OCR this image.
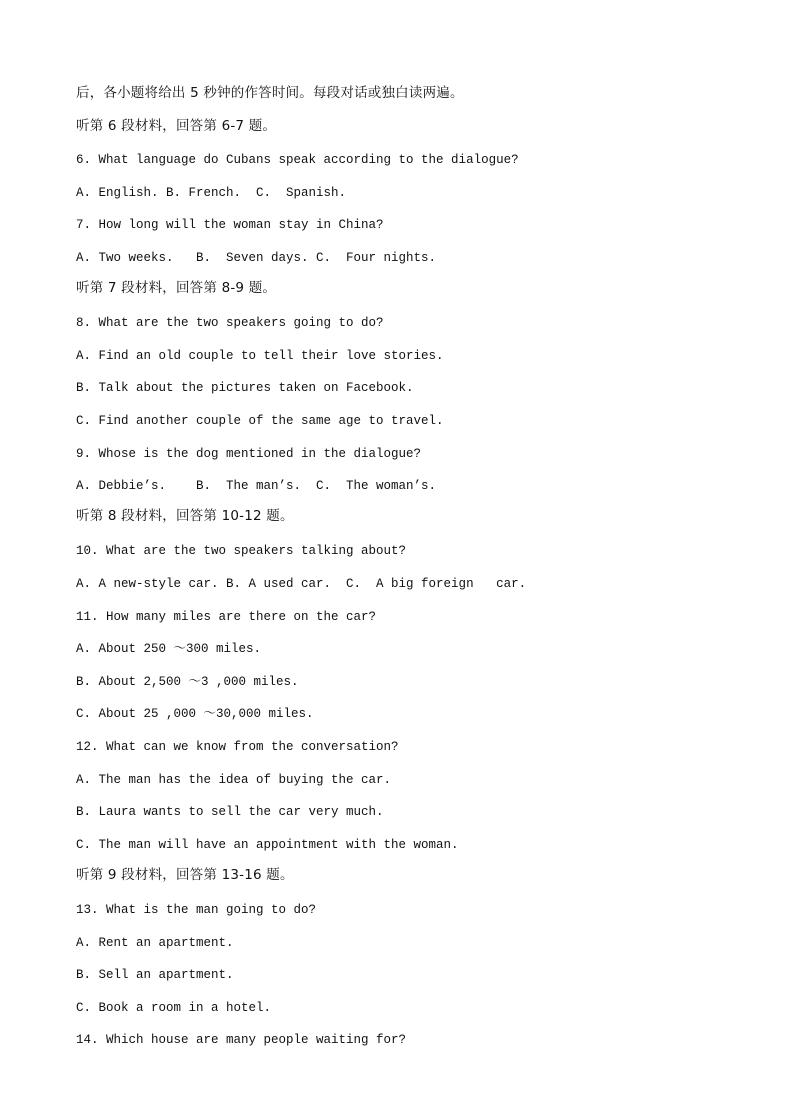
后，各小题将给出 5 秒钟的作答时间。每段对话或独白读两遍。
听第 6 段材料，回答第 6-7 题。
6. What language do Cubans speak according to the dialogue?
A. English. B. French.  C.  Spanish.
7. How long will the woman stay in China?
A. Two weeks.   B.  Seven days. C.  Four nights.
听第 7 段材料，回答第 8-9 题。
8. What are the two speakers going to do?
A. Find an old couple to tell their love stories.
B. Talk about the pictures taken on Facebook.
C. Find another couple of the same age to travel.
9. Whose is the dog mentioned in the dialogue?
A. Debbie’s.    B.  The man’s.  C.  The woman’s.
听第 8 段材料，回答第 10-12 题。
10. What are the two speakers talking about?
A. A new-style car. B. A used car.  C.  A big foreign   car.
11. How many miles are there on the car?
A. About 250 ～300 miles.
B. About 2,500 ～3 ,000 miles.
C. About 25 ,000 ～30,000 miles.
12. What can we know from the conversation?
A. The man has the idea of buying the car.
B. Laura wants to sell the car very much.
C. The man will have an appointment with the woman.
听第 9 段材料，回答第 13-16 题。
13. What is the man going to do?
A. Rent an apartment.
B. Sell an apartment.
C. Book a room in a hotel.
14. Which house are many people waiting for?
